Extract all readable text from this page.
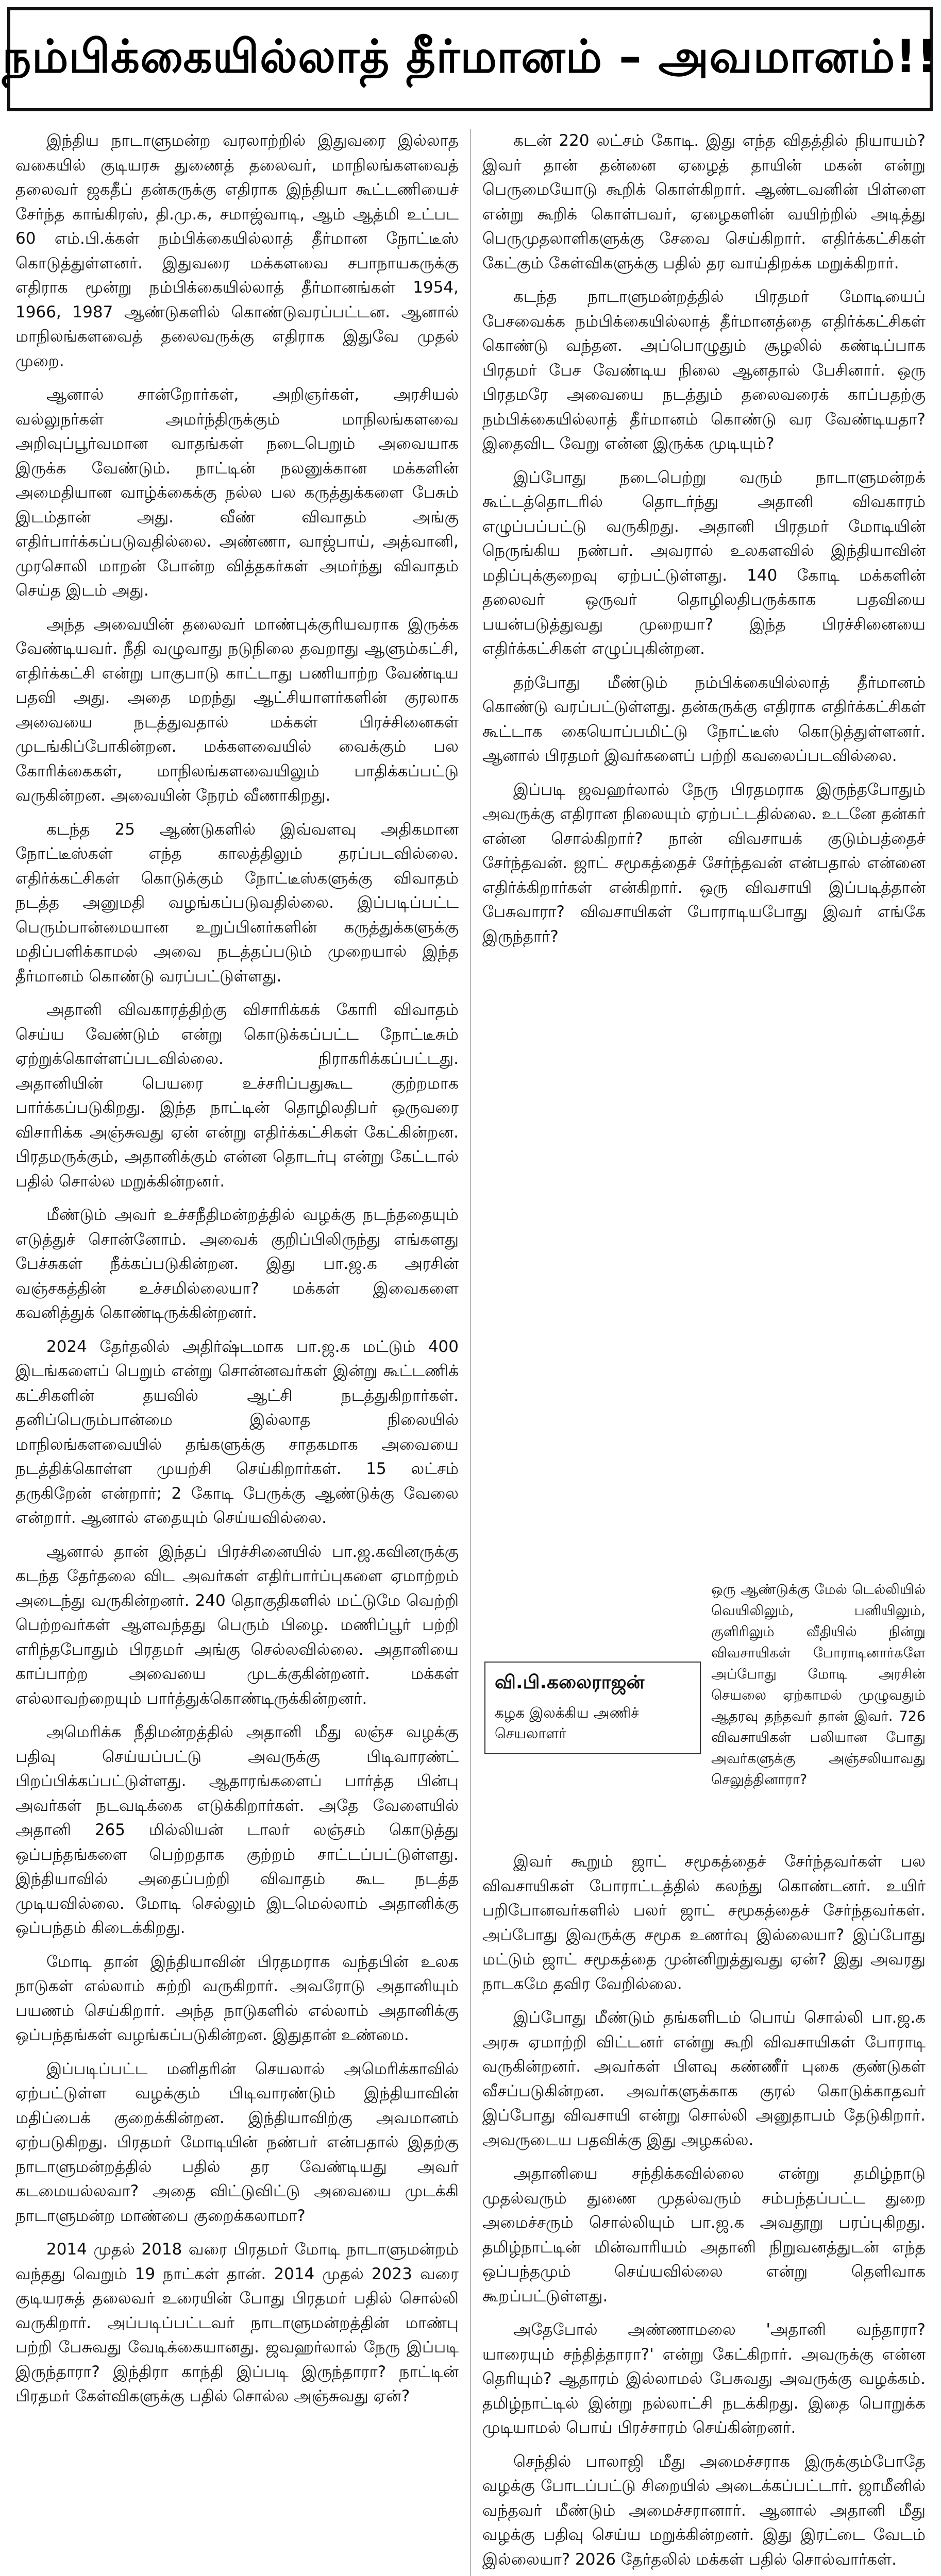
நம்பிக்கையில்லாத் தீர்மானம் – அவமானம்!!

இந்திய நாடாளுமன்ற வரலாற்றில் இதுவரை இல்லாத வகையில் குடியரசு துணைத் தலைவர், மாநிலங்களவைத் தலைவர் ஜகதீப் தன்கருக்கு எதிராக இந்தியா கூட்டணியைச் சேர்ந்த காங்கிரஸ், தி.மு.க, சமாஜ்வாடி, ஆம் ஆத்மி உட்பட 60 எம்.பி.க்கள் நம்பிக்கையில்லாத் தீர்மான நோட்டீஸ் கொடுத்துள்ளனர். இதுவரை மக்களவை சபாநாயகருக்கு எதிராக மூன்று நம்பிக்கையில்லாத் தீர்மானங்கள் 1954, 1966, 1987 ஆண்டுகளில் கொண்டுவரப்பட்டன. ஆனால் மாநிலங்களவைத் தலைவருக்கு எதிராக இதுவே முதல் முறை.

ஆனால் சான்றோர்கள், அறிஞர்கள், அரசியல் வல்லுநர்கள் அமர்ந்திருக்கும் மாநிலங்களவை அறிவுப்பூர்வமான வாதங்கள் நடைபெறும் அவையாக இருக்க வேண்டும். நாட்டின் நலனுக்கான மக்களின் அமைதியான வாழ்க்கைக்கு நல்ல பல கருத்துக்களை பேசும் இடம்தான் அது. வீண் விவாதம் அங்கு எதிர்பார்க்கப்படுவதில்லை. அண்ணா, வாஜ்பாய், அத்வானி, முரசொலி மாறன் போன்ற வித்தகர்கள் அமர்ந்து விவாதம் செய்த இடம் அது.

அந்த அவையின் தலைவர் மாண்புக்குரியவராக இருக்க வேண்டியவர். நீதி வழுவாது நடுநிலை தவறாது ஆளும்கட்சி, எதிர்க்கட்சி என்று பாகுபாடு காட்டாது பணியாற்ற வேண்டிய பதவி அது. அதை மறந்து ஆட்சியாளர்களின் குரலாக அவையை நடத்துவதால் மக்கள் பிரச்சினைகள் முடங்கிப்போகின்றன. மக்களவையில் வைக்கும் பல கோரிக்கைகள், மாநிலங்களவையிலும் பாதிக்கப்பட்டு வருகின்றன. அவையின் நேரம் வீணாகிறது.

கடந்த 25 ஆண்டுகளில் இவ்வளவு அதிகமான நோட்டீஸ்கள் எந்த காலத்திலும் தரப்படவில்லை. எதிர்க்கட்சிகள் கொடுக்கும் நோட்டீஸ்களுக்கு விவாதம் நடத்த அனுமதி வழங்கப்படுவதில்லை. இப்படிப்பட்ட பெரும்பான்மையான உறுப்பினர்களின் கருத்துக்களுக்கு மதிப்பளிக்காமல் அவை நடத்தப்படும் முறையால் இந்த தீர்மானம் கொண்டு வரப்பட்டுள்ளது.

அதானி விவகாரத்திற்கு விசாரிக்கக் கோரி விவாதம் செய்ய வேண்டும் என்று கொடுக்கப்பட்ட நோட்டீசும் ஏற்றுக்கொள்ளப்படவில்லை. நிராகரிக்கப்பட்டது. அதானியின் பெயரை உச்சரிப்பதுகூட குற்றமாக பார்க்கப்படுகிறது. இந்த நாட்டின் தொழிலதிபர் ஒருவரை விசாரிக்க அஞ்சுவது ஏன் என்று எதிர்க்கட்சிகள் கேட்கின்றன. பிரதமருக்கும், அதானிக்கும் என்ன தொடர்பு என்று கேட்டால் பதில் சொல்ல மறுக்கின்றனர்.

மீண்டும் அவர் உச்சநீதிமன்றத்தில் வழக்கு நடந்ததையும் எடுத்துச் சொன்னோம். அவைக் குறிப்பிலிருந்து எங்களது பேச்சுகள் நீக்கப்படுகின்றன. இது பா.ஜ.க அரசின் வஞ்சகத்தின் உச்சமில்லையா? மக்கள் இவைகளை கவனித்துக் கொண்டிருக்கின்றனர்.

2024 தேர்தலில் அதிர்ஷ்டமாக பா.ஜ.க மட்டும் 400 இடங்களைப் பெறும் என்று சொன்னவர்கள் இன்று கூட்டணிக் கட்சிகளின் தயவில் ஆட்சி நடத்துகிறார்கள். தனிப்பெரும்பான்மை இல்லாத நிலையில் மாநிலங்களவையில் தங்களுக்கு சாதகமாக அவையை நடத்திக்கொள்ள முயற்சி செய்கிறார்கள். 15 லட்சம் தருகிறேன் என்றார்; 2 கோடி பேருக்கு ஆண்டுக்கு வேலை என்றார். ஆனால் எதையும் செய்யவில்லை.

ஆனால் தான் இந்தப் பிரச்சினையில் பா.ஜ.கவினருக்கு கடந்த தேர்தலை விட அவர்கள் எதிர்பார்ப்புகளை ஏமாற்றம் அடைந்து வருகின்றனர். 240 தொகுதிகளில் மட்டுமே வெற்றி பெற்றவர்கள் ஆளவந்தது பெரும் பிழை. மணிப்பூர் பற்றி எரிந்தபோதும் பிரதமர் அங்கு செல்லவில்லை. அதானியை காப்பாற்ற அவையை முடக்குகின்றனர். மக்கள் எல்லாவற்றையும் பார்த்துக்கொண்டிருக்கின்றனர்.

அமெரிக்க நீதிமன்றத்தில் அதானி மீது லஞ்ச வழக்கு பதிவு செய்யப்பட்டு அவருக்கு பிடிவாரண்ட் பிறப்பிக்கப்பட்டுள்ளது. ஆதாரங்களைப் பார்த்த பின்பு அவர்கள் நடவடிக்கை எடுக்கிறார்கள். அதே வேளையில் அதானி 265 மில்லியன் டாலர் லஞ்சம் கொடுத்து ஒப்பந்தங்களை பெற்றதாக குற்றம் சாட்டப்பட்டுள்ளது. இந்தியாவில் அதைப்பற்றி விவாதம் கூட நடத்த முடியவில்லை. மோடி செல்லும் இடமெல்லாம் அதானிக்கு ஒப்பந்தம் கிடைக்கிறது.

மோடி தான் இந்தியாவின் பிரதமராக வந்தபின் உலக நாடுகள் எல்லாம் சுற்றி வருகிறார். அவரோடு அதானியும் பயணம் செய்கிறார். அந்த நாடுகளில் எல்லாம் அதானிக்கு ஒப்பந்தங்கள் வழங்கப்படுகின்றன. இதுதான் உண்மை.

இப்படிப்பட்ட மனிதரின் செயலால் அமெரிக்காவில் ஏற்பட்டுள்ள வழக்கும் பிடிவாரண்டும் இந்தியாவின் மதிப்பைக் குறைக்கின்றன. இந்தியாவிற்கு அவமானம் ஏற்படுகிறது. பிரதமர் மோடியின் நண்பர் என்பதால் இதற்கு நாடாளுமன்றத்தில் பதில் தர வேண்டியது அவர் கடமையல்லவா? அதை விட்டுவிட்டு அவையை முடக்கி நாடாளுமன்ற மாண்பை குறைக்கலாமா?

2014 முதல் 2018 வரை பிரதமர் மோடி நாடாளுமன்றம் வந்தது வெறும் 19 நாட்கள் தான். 2014 முதல் 2023 வரை குடியரசுத் தலைவர் உரையின் போது பிரதமர் பதில் சொல்லி வருகிறார். அப்படிப்பட்டவர் நாடாளுமன்றத்தின் மாண்பு பற்றி பேசுவது வேடிக்கையானது. ஜவஹர்லால் நேரு இப்படி இருந்தாரா? இந்திரா காந்தி இப்படி இருந்தாரா? நாட்டின் பிரதமர் கேள்விகளுக்கு பதில் சொல்ல அஞ்சுவது ஏன்?

கடன் 220 லட்சம் கோடி. இது எந்த விதத்தில் நியாயம்? இவர் தான் தன்னை ஏழைத் தாயின் மகன் என்று பெருமையோடு கூறிக் கொள்கிறார். ஆண்டவனின் பிள்ளை என்று கூறிக் கொள்பவர், ஏழைகளின் வயிற்றில் அடித்து பெருமுதலாளிகளுக்கு சேவை செய்கிறார். எதிர்க்கட்சிகள் கேட்கும் கேள்விகளுக்கு பதில் தர வாய்திறக்க மறுக்கிறார்.

கடந்த நாடாளுமன்றத்தில் பிரதமர் மோடியைப் பேசவைக்க நம்பிக்கையில்லாத் தீர்மானத்தை எதிர்க்கட்சிகள் கொண்டு வந்தன. அப்பொழுதும் சூழலில் கண்டிப்பாக பிரதமர் பேச வேண்டிய நிலை ஆனதால் பேசினார். ஒரு பிரதமரே அவையை நடத்தும் தலைவரைக் காப்பதற்கு நம்பிக்கையில்லாத் தீர்மானம் கொண்டு வர வேண்டியதா? இதைவிட வேறு என்ன இருக்க முடியும்?

இப்போது நடைபெற்று வரும் நாடாளுமன்றக் கூட்டத்தொடரில் தொடர்ந்து அதானி விவகாரம் எழுப்பப்பட்டு வருகிறது. அதானி பிரதமர் மோடியின் நெருங்கிய நண்பர். அவரால் உலகளவில் இந்தியாவின் மதிப்புக்குறைவு ஏற்பட்டுள்ளது. 140 கோடி மக்களின் தலைவர் ஒருவர் தொழிலதிபருக்காக பதவியை பயன்படுத்துவது முறையா? இந்த பிரச்சினையை எதிர்க்கட்சிகள் எழுப்புகின்றன.

தற்போது மீண்டும் நம்பிக்கையில்லாத் தீர்மானம் கொண்டு வரப்பட்டுள்ளது. தன்கருக்கு எதிராக எதிர்க்கட்சிகள் கூட்டாக கையொப்பமிட்டு நோட்டீஸ் கொடுத்துள்ளனர். ஆனால் பிரதமர் இவர்களைப் பற்றி கவலைப்படவில்லை.

இப்படி ஜவஹர்லால் நேரு பிரதமராக இருந்தபோதும் அவருக்கு எதிரான நிலையும் ஏற்பட்டதில்லை. உடனே தன்கர் என்ன சொல்கிறார்? நான் விவசாயக் குடும்பத்தைச் சேர்ந்தவன். ஜாட் சமூகத்தைச் சேர்ந்தவன் என்பதால் என்னை எதிர்க்கிறார்கள் என்கிறார். ஒரு விவசாயி இப்படித்தான் பேசுவாரா? விவசாயிகள் போராடியபோது இவர் எங்கே இருந்தார்?

ஒரு ஆண்டுக்கு மேல் டெல்லியில் வெயிலிலும், பனியிலும், குளிரிலும் வீதியில் நின்று விவசாயிகள் போராடினார்களே அப்போது மோடி அரசின் செயலை ஏற்காமல் முழுவதும் ஆதரவு தந்தவர் தான் இவர். 726 விவசாயிகள் பலியான போது அவர்களுக்கு அஞ்சலியாவது செலுத்தினாரா?

வி.பி.கலைராஜன்
கழக இலக்கிய அணிச் செயலாளர்

இவர் கூறும் ஜாட் சமூகத்தைச் சேர்ந்தவர்கள் பல விவசாயிகள் போராட்டத்தில் கலந்து கொண்டனர். உயிர் பறிபோனவர்களில் பலர் ஜாட் சமூகத்தைச் சேர்ந்தவர்கள். அப்போது இவருக்கு சமூக உணர்வு இல்லையா? இப்போது மட்டும் ஜாட் சமூகத்தை முன்னிறுத்துவது ஏன்? இது அவரது நாடகமே தவிர வேறில்லை.

இப்போது மீண்டும் தங்களிடம் பொய் சொல்லி பா.ஜ.க அரசு ஏமாற்றி விட்டனர் என்று கூறி விவசாயிகள் போராடி வருகின்றனர். அவர்கள் பிளவு கண்ணீர் புகை குண்டுகள் வீசப்படுகின்றன. அவர்களுக்காக குரல் கொடுக்காதவர் இப்போது விவசாயி என்று சொல்லி அனுதாபம் தேடுகிறார். அவருடைய பதவிக்கு இது அழகல்ல.

அதானியை சந்திக்கவில்லை என்று தமிழ்நாடு முதல்வரும் துணை முதல்வரும் சம்பந்தப்பட்ட துறை அமைச்சரும் சொல்லியும் பா.ஜ.க அவதூறு பரப்புகிறது. தமிழ்நாட்டின் மின்வாரியம் அதானி நிறுவனத்துடன் எந்த ஒப்பந்தமும் செய்யவில்லை என்று தெளிவாக கூறப்பட்டுள்ளது.

அதேபோல் அண்ணாமலை 'அதானி வந்தாரா? யாரையும் சந்தித்தாரா?' என்று கேட்கிறார். அவருக்கு என்ன தெரியும்? ஆதாரம் இல்லாமல் பேசுவது அவருக்கு வழக்கம். தமிழ்நாட்டில் இன்று நல்லாட்சி நடக்கிறது. இதை பொறுக்க முடியாமல் பொய் பிரச்சாரம் செய்கின்றனர்.

செந்தில் பாலாஜி மீது அமைச்சராக இருக்கும்போதே வழக்கு போடப்பட்டு சிறையில் அடைக்கப்பட்டார். ஜாமீனில் வந்தவர் மீண்டும் அமைச்சரானார். ஆனால் அதானி மீது வழக்கு பதிவு செய்ய மறுக்கின்றனர். இது இரட்டை வேடம் இல்லையா? 2026 தேர்தலில் மக்கள் பதில் சொல்வார்கள்.
